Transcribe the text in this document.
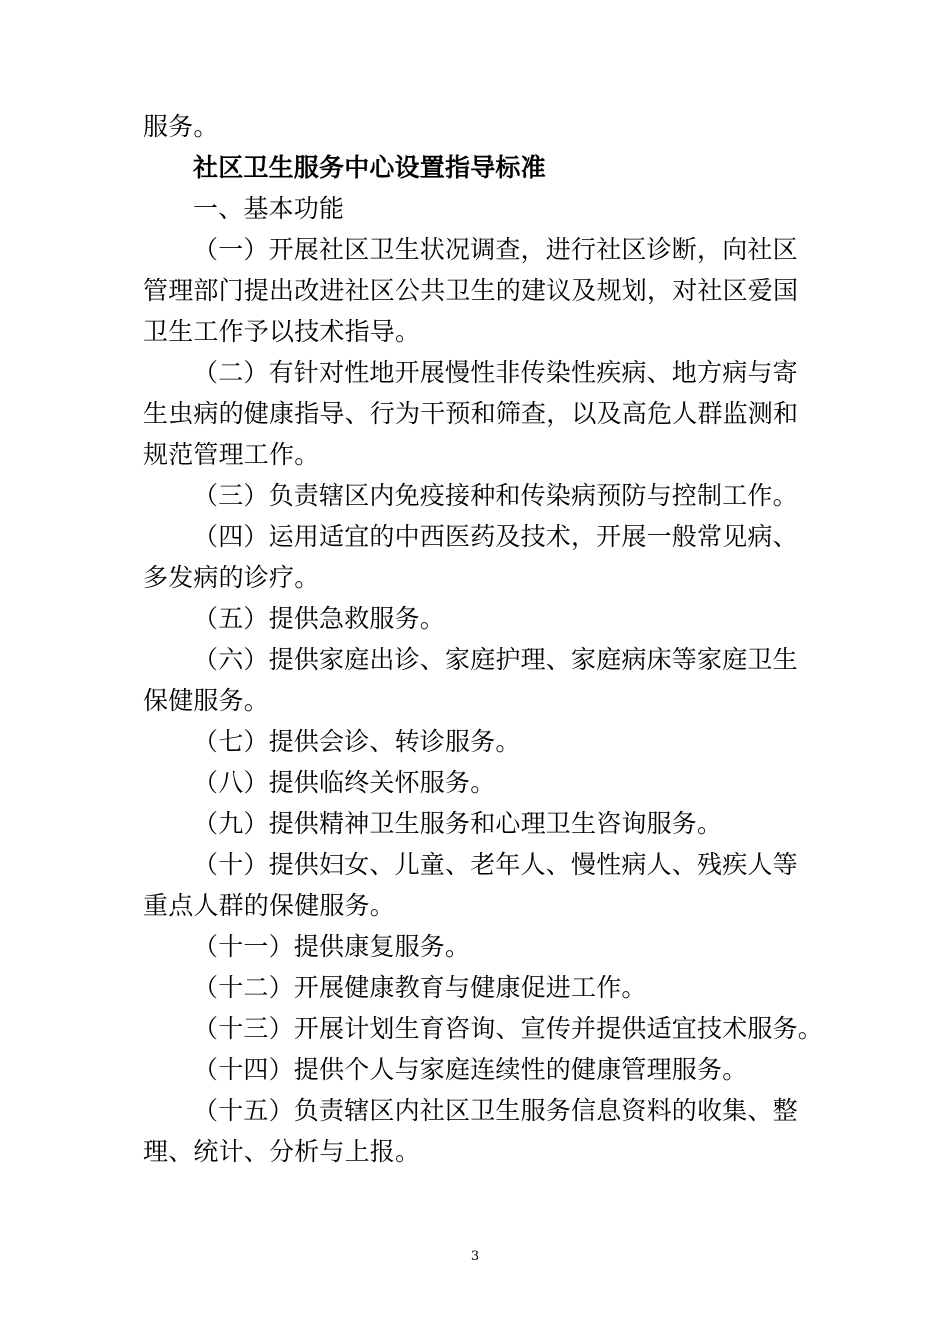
服务。
社区卫生服务中心设置指导标准
一、基本功能
（一）开展社区卫生状况调查，进行社区诊断，向社区
管理部门提出改进社区公共卫生的建议及规划，对社区爱国
卫生工作予以技术指导。
（二）有针对性地开展慢性非传染性疾病、地方病与寄
生虫病的健康指导、行为干预和筛查，以及高危人群监测和
规范管理工作。
（三）负责辖区内免疫接种和传染病预防与控制工作。
（四）运用适宜的中西医药及技术，开展一般常见病、
多发病的诊疗。
（五）提供急救服务。
（六）提供家庭出诊、家庭护理、家庭病床等家庭卫生
保健服务。
（七）提供会诊、转诊服务。
（八）提供临终关怀服务。
（九）提供精神卫生服务和心理卫生咨询服务。
（十）提供妇女、儿童、老年人、慢性病人、残疾人等
重点人群的保健服务。
（十一）提供康复服务。
（十二）开展健康教育与健康促进工作。
（十三）开展计划生育咨询、宣传并提供适宜技术服务。
（十四）提供个人与家庭连续性的健康管理服务。
（十五）负责辖区内社区卫生服务信息资料的收集、整
理、统计、分析与上报。
3
